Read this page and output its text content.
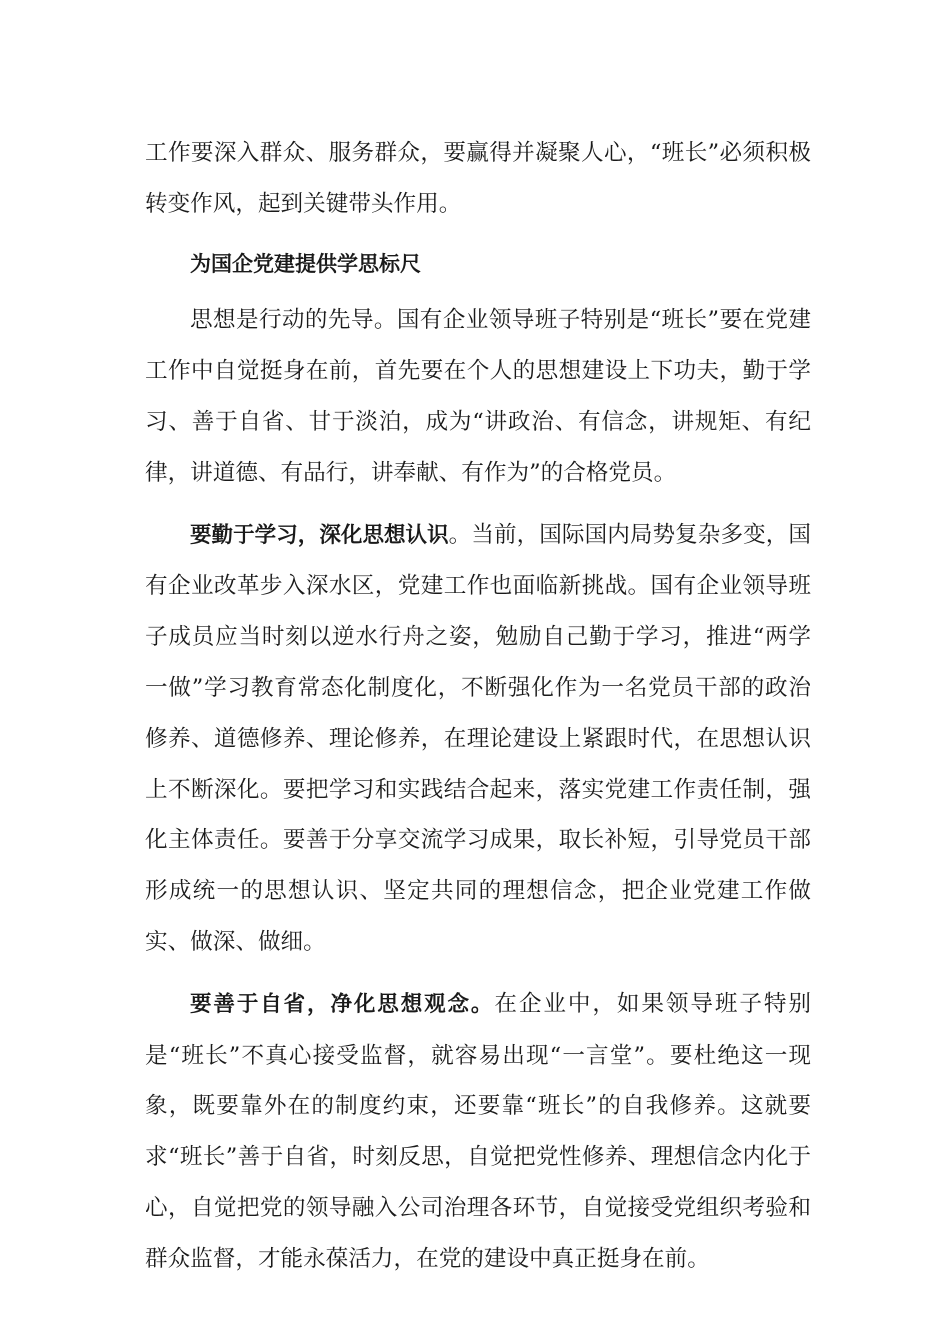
工作要深入群众、服务群众，要赢得并凝聚人心，“班长”必须积极转变作风，起到关键带头作用。

为国企党建提供学思标尺

思想是行动的先导。国有企业领导班子特别是“班长”要在党建工作中自觉挺身在前，首先要在个人的思想建设上下功夫，勤于学习、善于自省、甘于淡泊，成为“讲政治、有信念，讲规矩、有纪律，讲道德、有品行，讲奉献、有作为”的合格党员。

要勤于学习，深化思想认识。当前，国际国内局势复杂多变，国有企业改革步入深水区，党建工作也面临新挑战。国有企业领导班子成员应当时刻以逆水行舟之姿，勉励自己勤于学习，推进“两学一做”学习教育常态化制度化，不断强化作为一名党员干部的政治修养、道德修养、理论修养，在理论建设上紧跟时代，在思想认识上不断深化。要把学习和实践结合起来，落实党建工作责任制，强化主体责任。要善于分享交流学习成果，取长补短，引导党员干部形成统一的思想认识、坚定共同的理想信念，把企业党建工作做实、做深、做细。

要善于自省，净化思想观念。在企业中，如果领导班子特别是“班长”不真心接受监督，就容易出现“一言堂”。要杜绝这一现象，既要靠外在的制度约束，还要靠“班长”的自我修养。这就要求“班长”善于自省，时刻反思，自觉把党性修养、理想信念内化于心，自觉把党的领导融入公司治理各环节，自觉接受党组织考验和群众监督，才能永葆活力，在党的建设中真正挺身在前。
